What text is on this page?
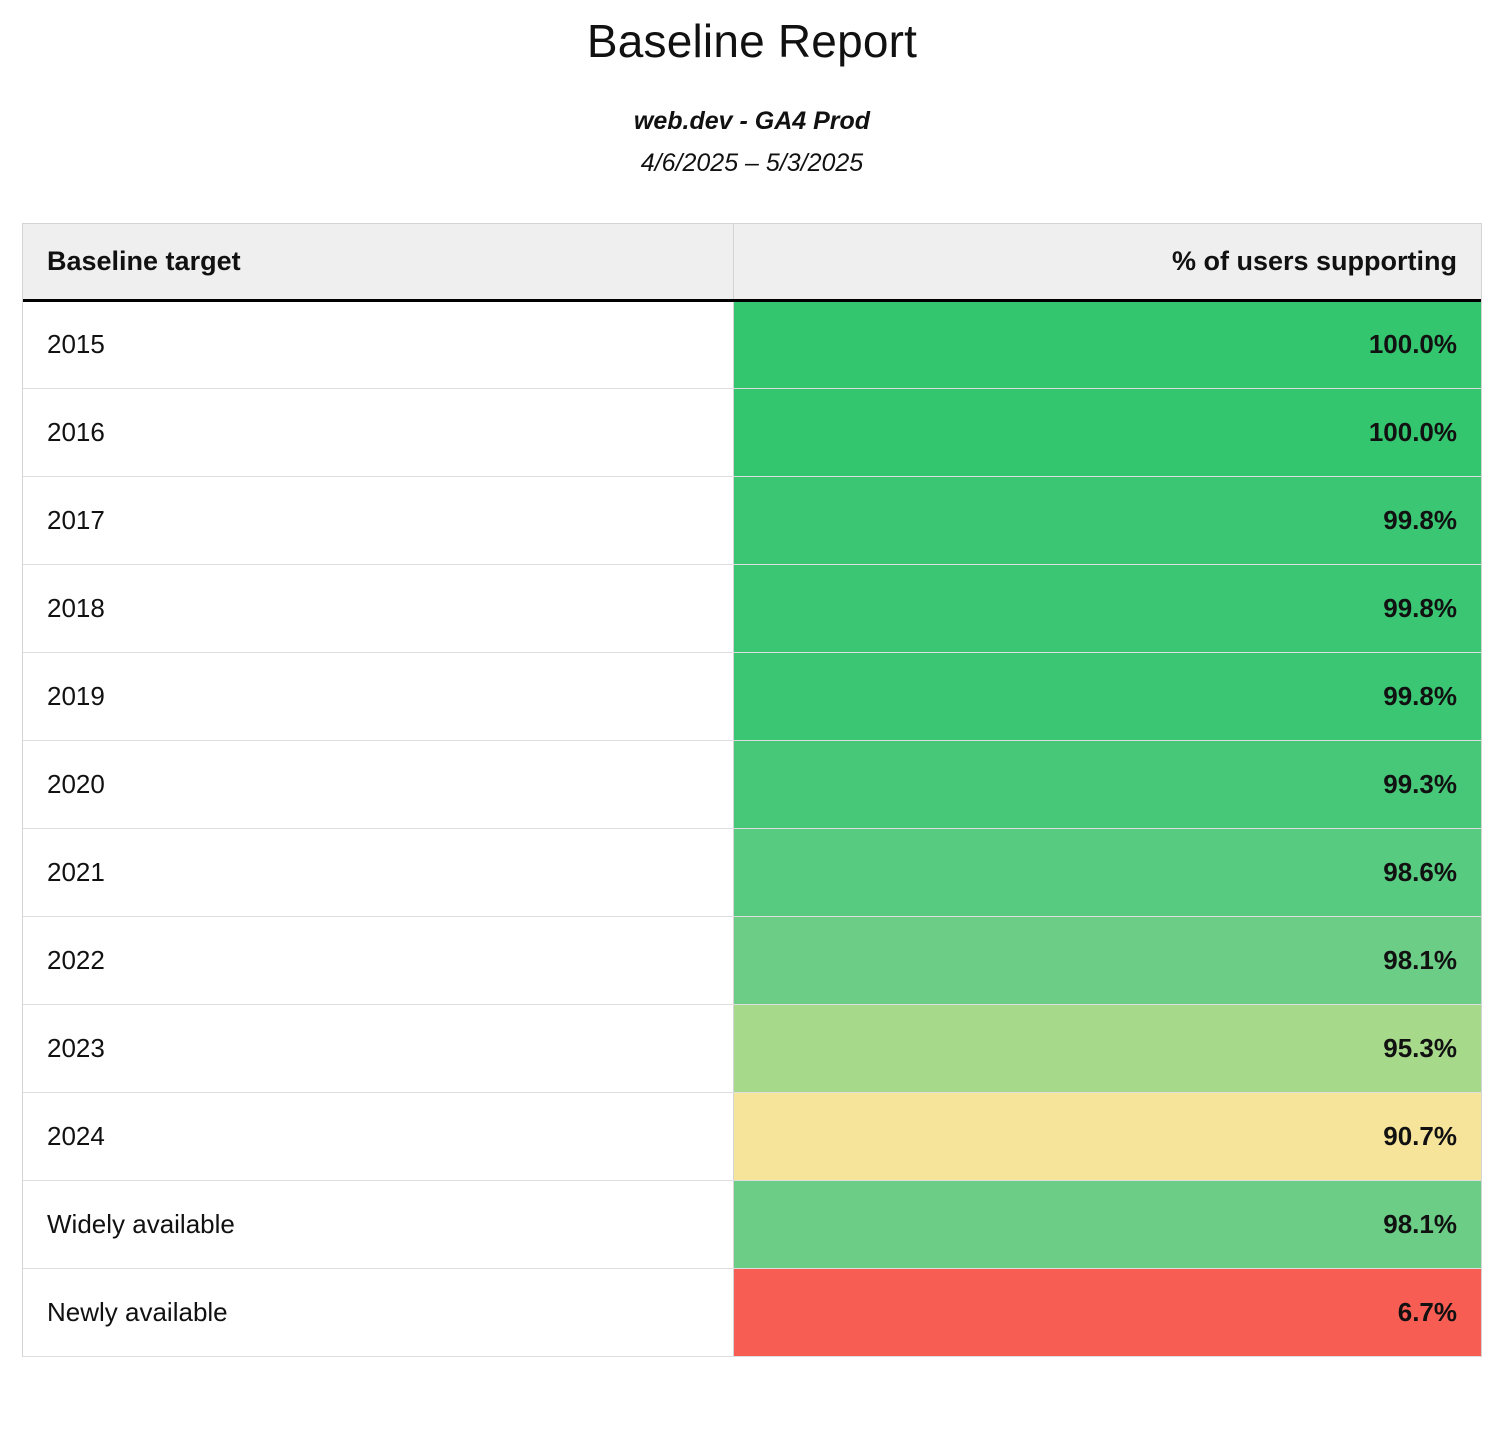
Baseline Report
web.dev - GA4 Prod
4/6/2025 – 5/3/2025
Baseline target	% of users supporting
2015	100.0%
2016	100.0%
2017	99.8%
2018	99.8%
2019	99.8%
2020	99.3%
2021	98.6%
2022	98.1%
2023	95.3%
2024	90.7%
Widely available	98.1%
Newly available	6.7%
